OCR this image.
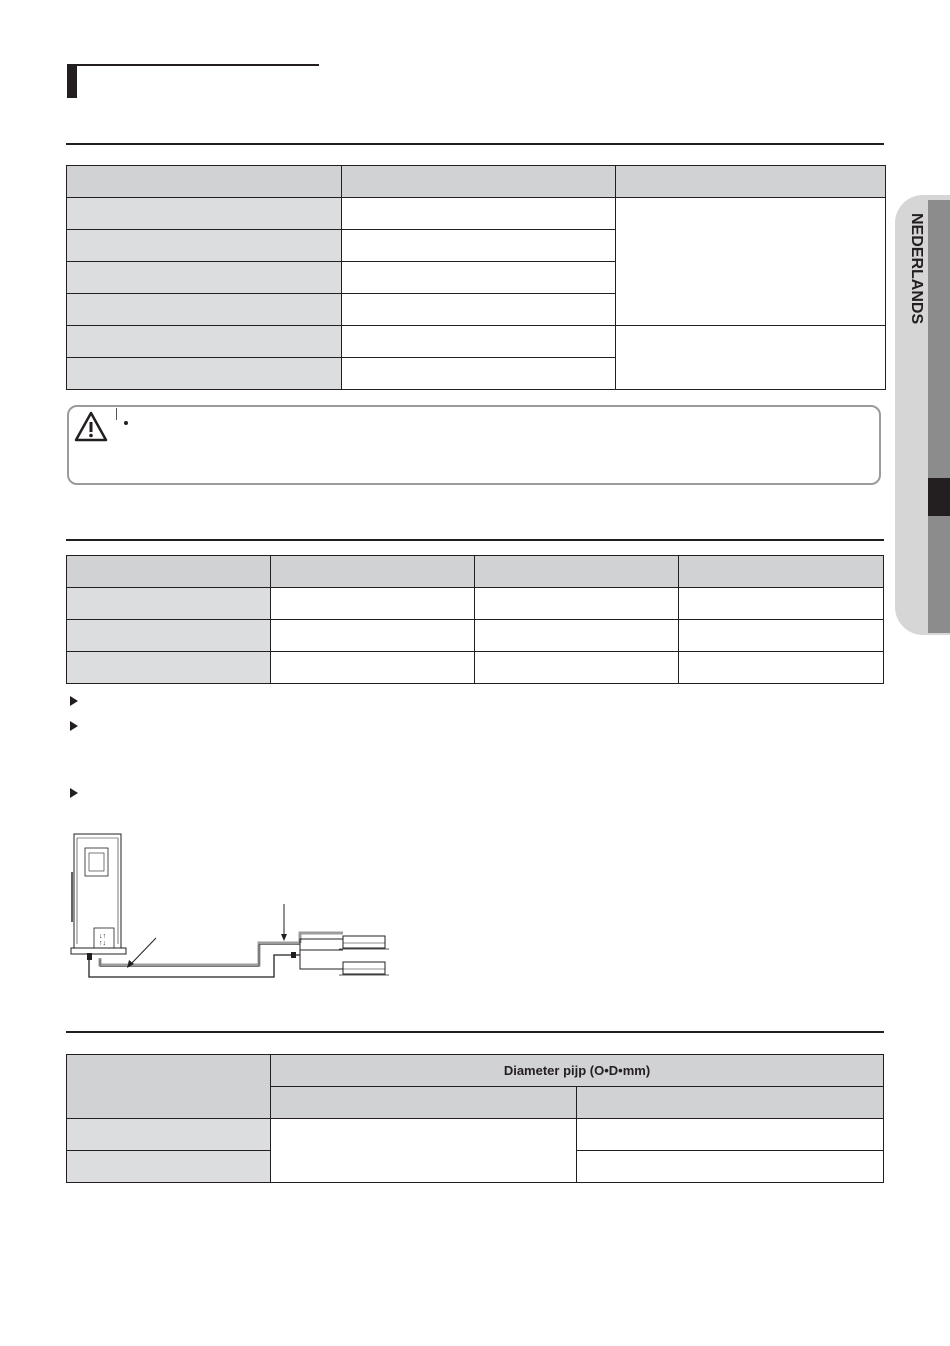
↓↑
↑↓
	Diameter pijp (O•D•mm)	

NEDERLANDS
